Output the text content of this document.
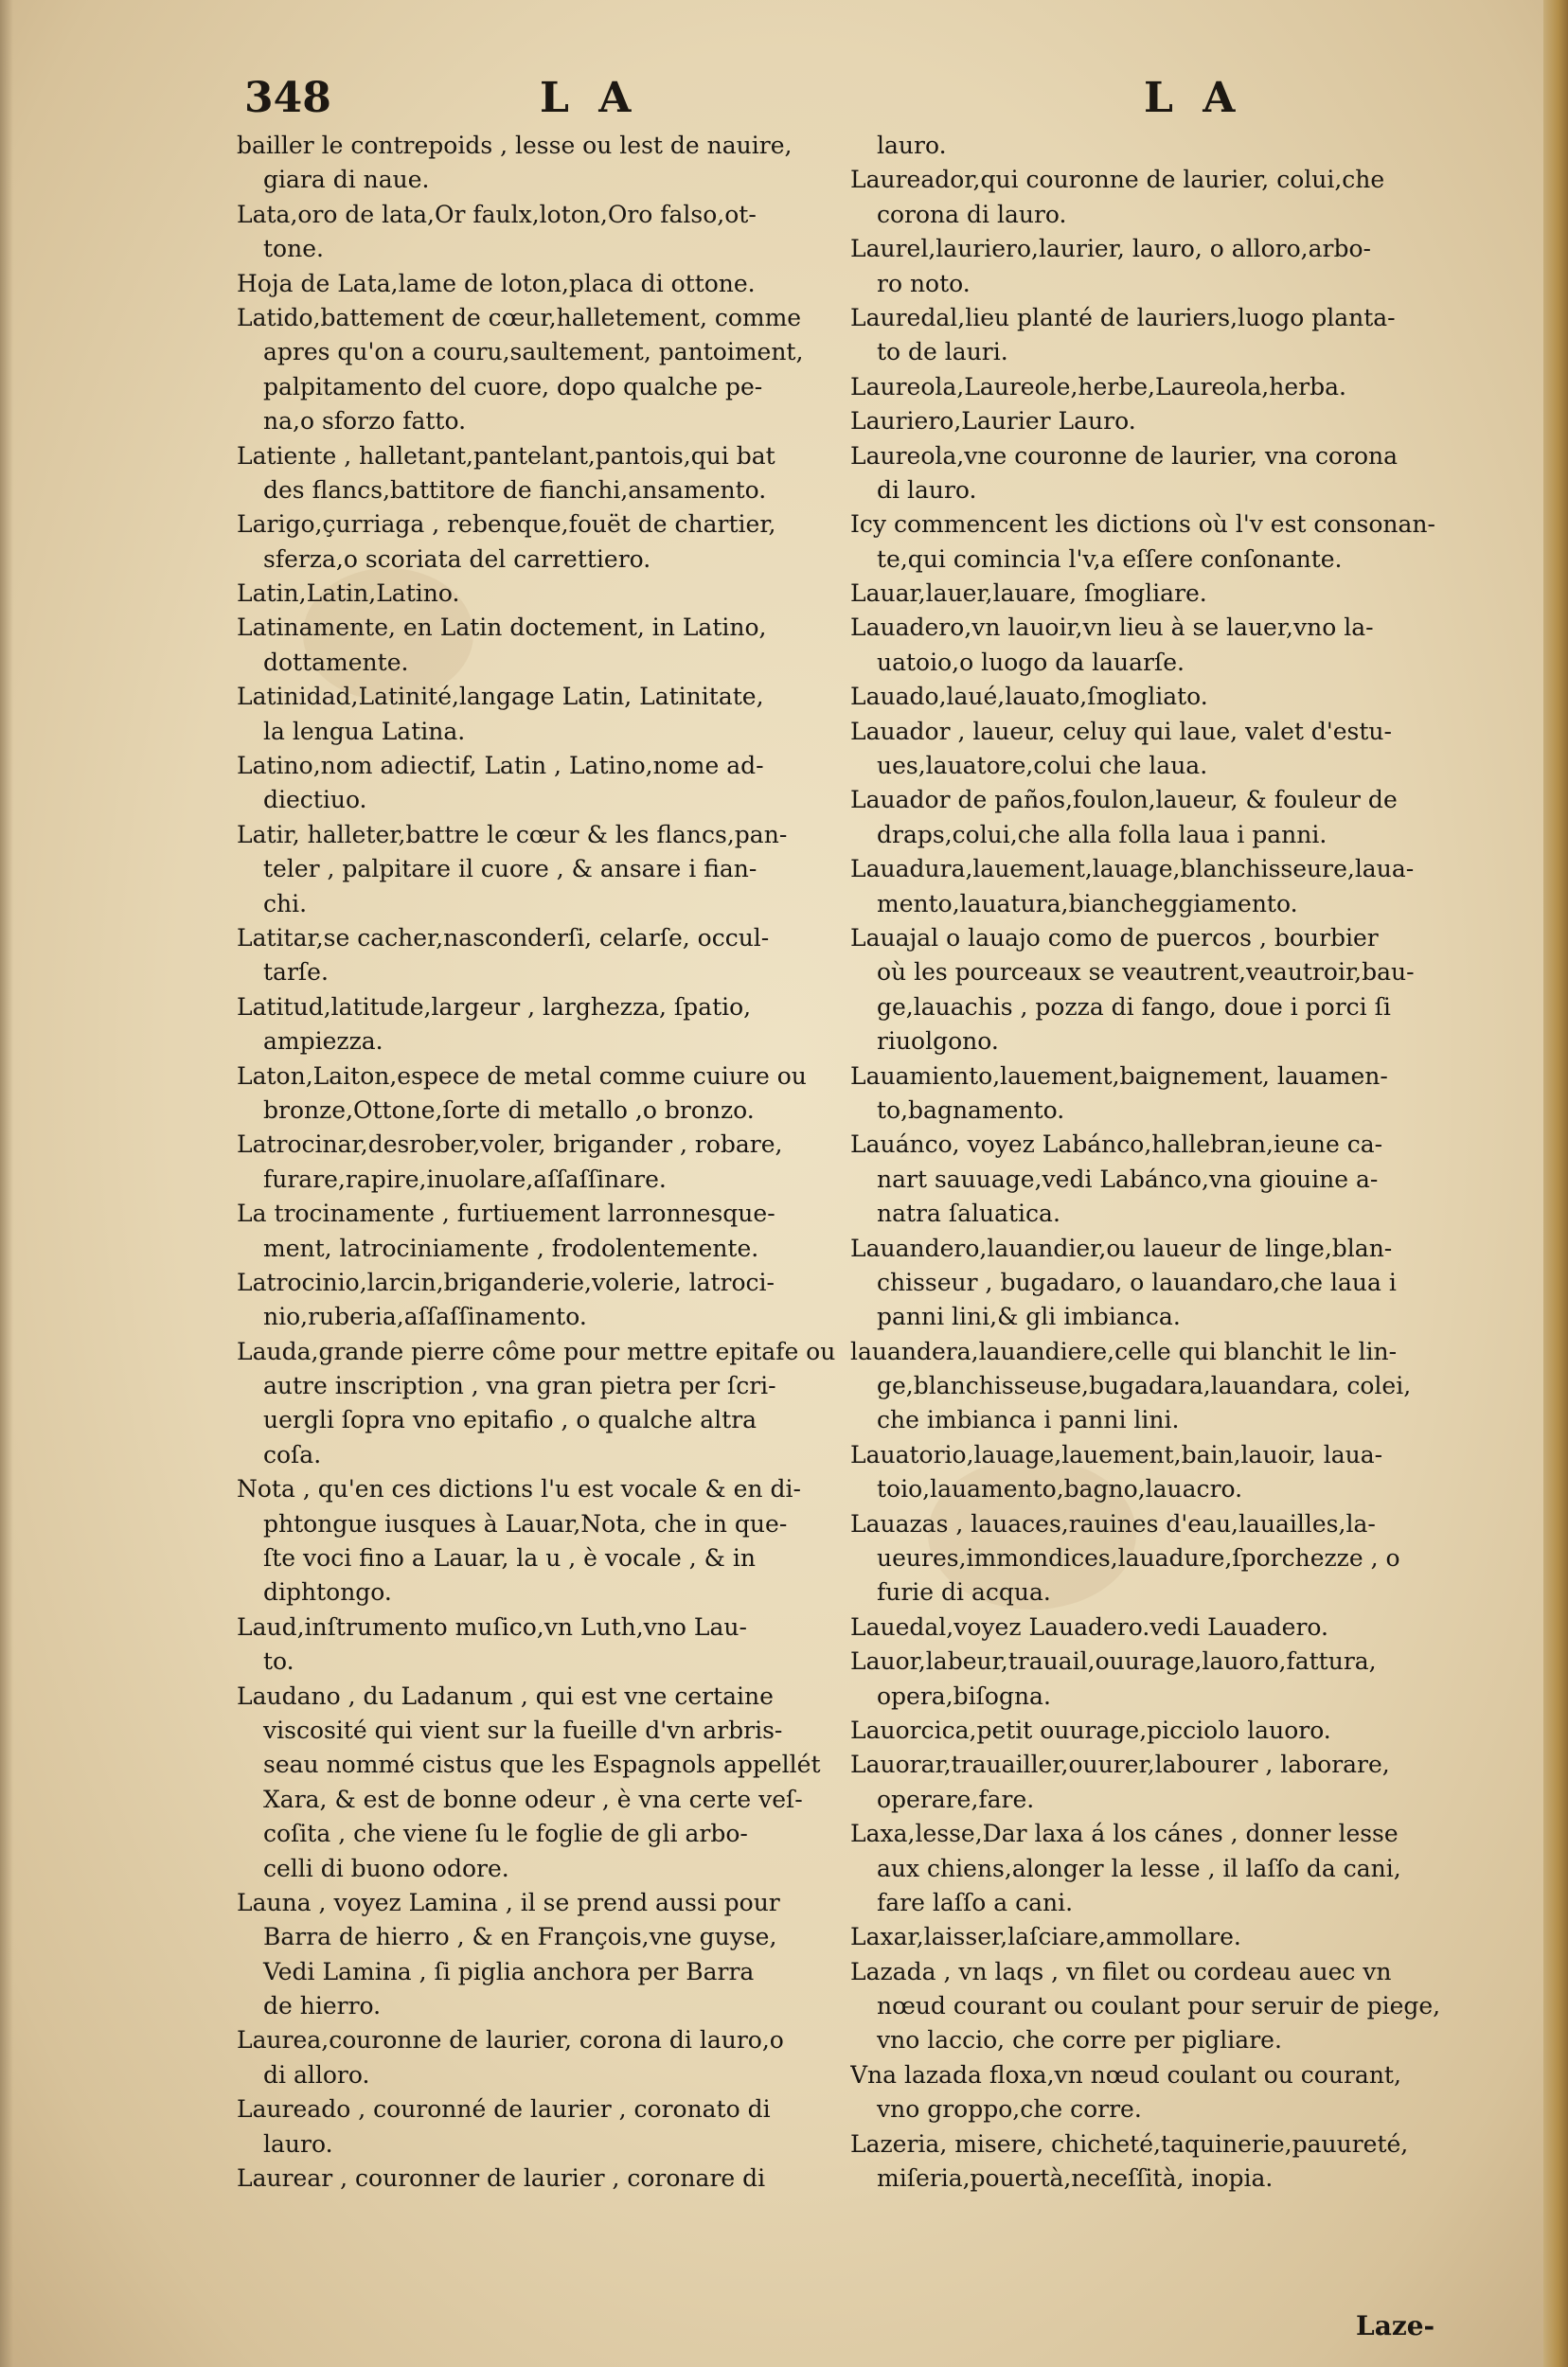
348	L A	L A
bailler le contrepoids , lesse ou lest de nauire,
giara di naue.
Lata,oro de lata,Or faulx,loton,Oro falso,ot-
tone.
Hoja de Lata,lame de loton,placa di ottone.
Latido,battement de cœur,halletement, comme
apres qu'on a couru,saultement, pantoiment,
palpitamento del cuore, dopo qualche pe-
na,o sforzo fatto.
Latiente , halletant,pantelant,pantois,qui bat
des flancs,battitore de fianchi,ansamento.
Larigo,çurriaga , rebenque,fouët de chartier,
sferza,o scoriata del carrettiero.
Latin,Latin,Latino.
Latinamente, en Latin doctement, in Latino,
dottamente.
Latinidad,Latinité,langage Latin, Latinitate,
la lengua Latina.
Latino,nom adiectif, Latin , Latino,nome ad-
diectiuo.
Latir, halleter,battre le cœur & les flancs,pan-
teler , palpitare il cuore , & ansare i fian-
chi.
Latitar,se cacher,nasconderſi, celarſe, occul-
tarſe.
Latitud,latitude,largeur , larghezza, ſpatio,
ampiezza.
Laton,Laiton,espece de metal comme cuiure ou
bronze,Ottone,ſorte di metallo ,o bronzo.
Latrocinar,desrober,voler, brigander , robare,
furare,rapire,inuolare,aſſaſſinare.
La trocinamente , furtiuement larronnesque-
ment, latrociniamente , frodolentemente.
Latrocinio,larcin,briganderie,volerie, latroci-
nio,ruberia,aſſaſſinamento.
Lauda,grande pierre côme pour mettre epitafe ou
autre inscription , vna gran pietra per ſcri-
uergli ſopra vno epitafio , o qualche altra
coſa.
Nota , qu'en ces dictions l'u est vocale & en di-
phtongue iusques à Lauar,Nota, che in que-
ſte voci fino a Lauar, la u , è vocale , & in
diphtongo.
Laud,inſtrumento muſico,vn Luth,vno Lau-
to.
Laudano , du Ladanum , qui est vne certaine
viscosité qui vient sur la fueille d'vn arbris-
seau nommé cistus que les Espagnols appellét
Xara, & est de bonne odeur , è vna certe veſ-
coſita , che viene ſu le foglie de gli arbo-
celli di buono odore.
Launa , voyez Lamina , il se prend aussi pour
Barra de hierro , & en François,vne guyse,
Vedi Lamina , ſi piglia anchora per Barra
de hierro.
Laurea,couronne de laurier, corona di lauro,o
di alloro.
Laureado , couronné de laurier , coronato di
lauro.
Laurear , couronner de laurier , coronare di
lauro.
Laureador,qui couronne de laurier, colui,che
corona di lauro.
Laurel,lauriero,laurier, lauro, o alloro,arbo-
ro noto.
Lauredal,lieu planté de lauriers,luogo planta-
to de lauri.
Laureola,Laureole,herbe,Laureola,herba.
Lauriero,Laurier Lauro.
Laureola,vne couronne de laurier, vna corona
di lauro.
Icy commencent les dictions où l'v est consonan-
te,qui comincia l'v,a eſſere conſonante.
Lauar,lauer,lauare, ſmogliare.
Lauadero,vn lauoir,vn lieu à se lauer,vno la-
uatoio,o luogo da lauarſe.
Lauado,laué,lauato,ſmogliato.
Lauador , laueur, celuy qui laue, valet d'estu-
ues,lauatore,colui che laua.
Lauador de paños,foulon,laueur, & fouleur de
draps,colui,che alla folla laua i panni.
Lauadura,lauement,lauage,blanchisseure,laua-
mento,lauatura,biancheggiamento.
Lauajal o lauajo como de puercos , bourbier
où les pourceaux se veautrent,veautroir,bau-
ge,lauachis , pozza di fango, doue i porci ſi
riuolgono.
Lauamiento,lauement,baignement, lauamen-
to,bagnamento.
Lauánco, voyez Labánco,hallebran,ieune ca-
nart sauuage,vedi Labánco,vna giouine a-
natra ſaluatica.
Lauandero,lauandier,ou laueur de linge,blan-
chisseur , bugadaro, o lauandaro,che laua i
panni lini,& gli imbianca.
lauandera,lauandiere,celle qui blanchit le lin-
ge,blanchisseuse,bugadara,lauandara, colei,
che imbianca i panni lini.
Lauatorio,lauage,lauement,bain,lauoir, laua-
toio,lauamento,bagno,lauacro.
Lauazas , lauaces,rauines d'eau,lauailles,la-
ueures,immondices,lauadure,ſporchezze , o
furie di acqua.
Lauedal,voyez Lauadero.vedi Lauadero.
Lauor,labeur,trauail,ouurage,lauoro,fattura,
opera,biſogna.
Lauorcica,petit ouurage,picciolo lauoro.
Lauorar,trauailler,ouurer,labourer , laborare,
operare,fare.
Laxa,lesse,Dar laxa á los cánes , donner lesse
aux chiens,alonger la lesse , il laſſo da cani,
fare laſſo a cani.
Laxar,laisser,laſciare,ammollare.
Lazada , vn laqs , vn filet ou cordeau auec vn
nœud courant ou coulant pour seruir de piege,
vno laccio, che corre per pigliare.
Vna lazada floxa,vn nœud coulant ou courant,
vno groppo,che corre.
Lazeria, misere, chicheté,taquinerie,pauureté,
miſeria,pouertà,neceſſità, inopia.
Laze-
